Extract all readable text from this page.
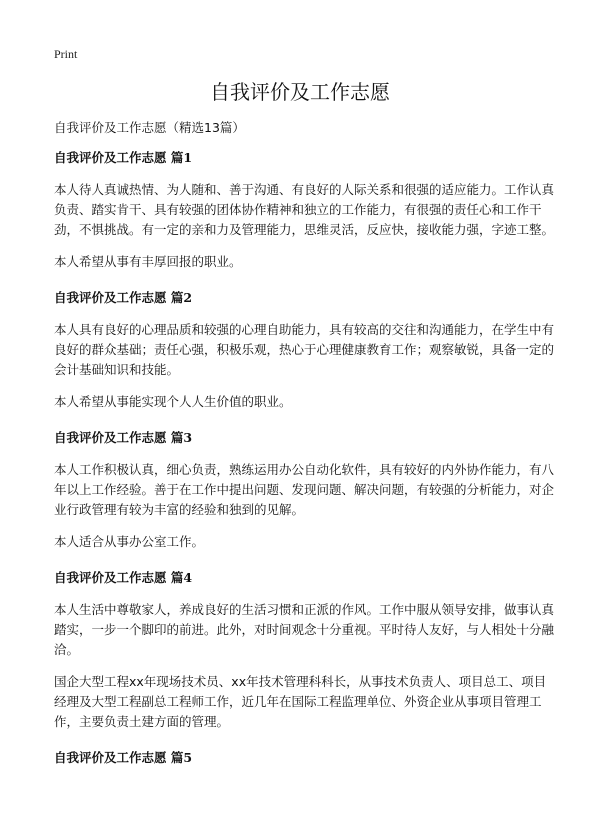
Print
自我评价及工作志愿
自我评价及工作志愿（精选13篇）
自我评价及工作志愿 篇1
本人待人真诚热情、为人随和、善于沟通、有良好的人际关系和很强的适应能力。工作认真负责、踏实肯干、具有较强的团体协作精神和独立的工作能力，有很强的责任心和工作干劲，不惧挑战。有一定的亲和力及管理能力，思维灵活，反应快，接收能力强，字迹工整。
本人希望从事有丰厚回报的职业。
自我评价及工作志愿 篇2
本人具有良好的心理品质和较强的心理自助能力，具有较高的交往和沟通能力，在学生中有良好的群众基础；责任心强，积极乐观，热心于心理健康教育工作；观察敏锐，具备一定的会计基础知识和技能。
本人希望从事能实现个人人生价值的职业。
自我评价及工作志愿 篇3
本人工作积极认真，细心负责，熟练运用办公自动化软件，具有较好的内外协作能力，有八年以上工作经验。善于在工作中提出问题、发现问题、解决问题，有较强的分析能力，对企业行政管理有较为丰富的经验和独到的见解。
本人适合从事办公室工作。
自我评价及工作志愿 篇4
本人生活中尊敬家人，养成良好的生活习惯和正派的作风。工作中服从领导安排，做事认真踏实，一步一个脚印的前进。此外，对时间观念十分重视。平时待人友好，与人相处十分融洽。
国企大型工程xx年现场技术员、xx年技术管理科科长，从事技术负责人、项目总工、项目经理及大型工程副总工程师工作，近几年在国际工程监理单位、外资企业从事项目管理工作，主要负责土建方面的管理。
自我评价及工作志愿 篇5
